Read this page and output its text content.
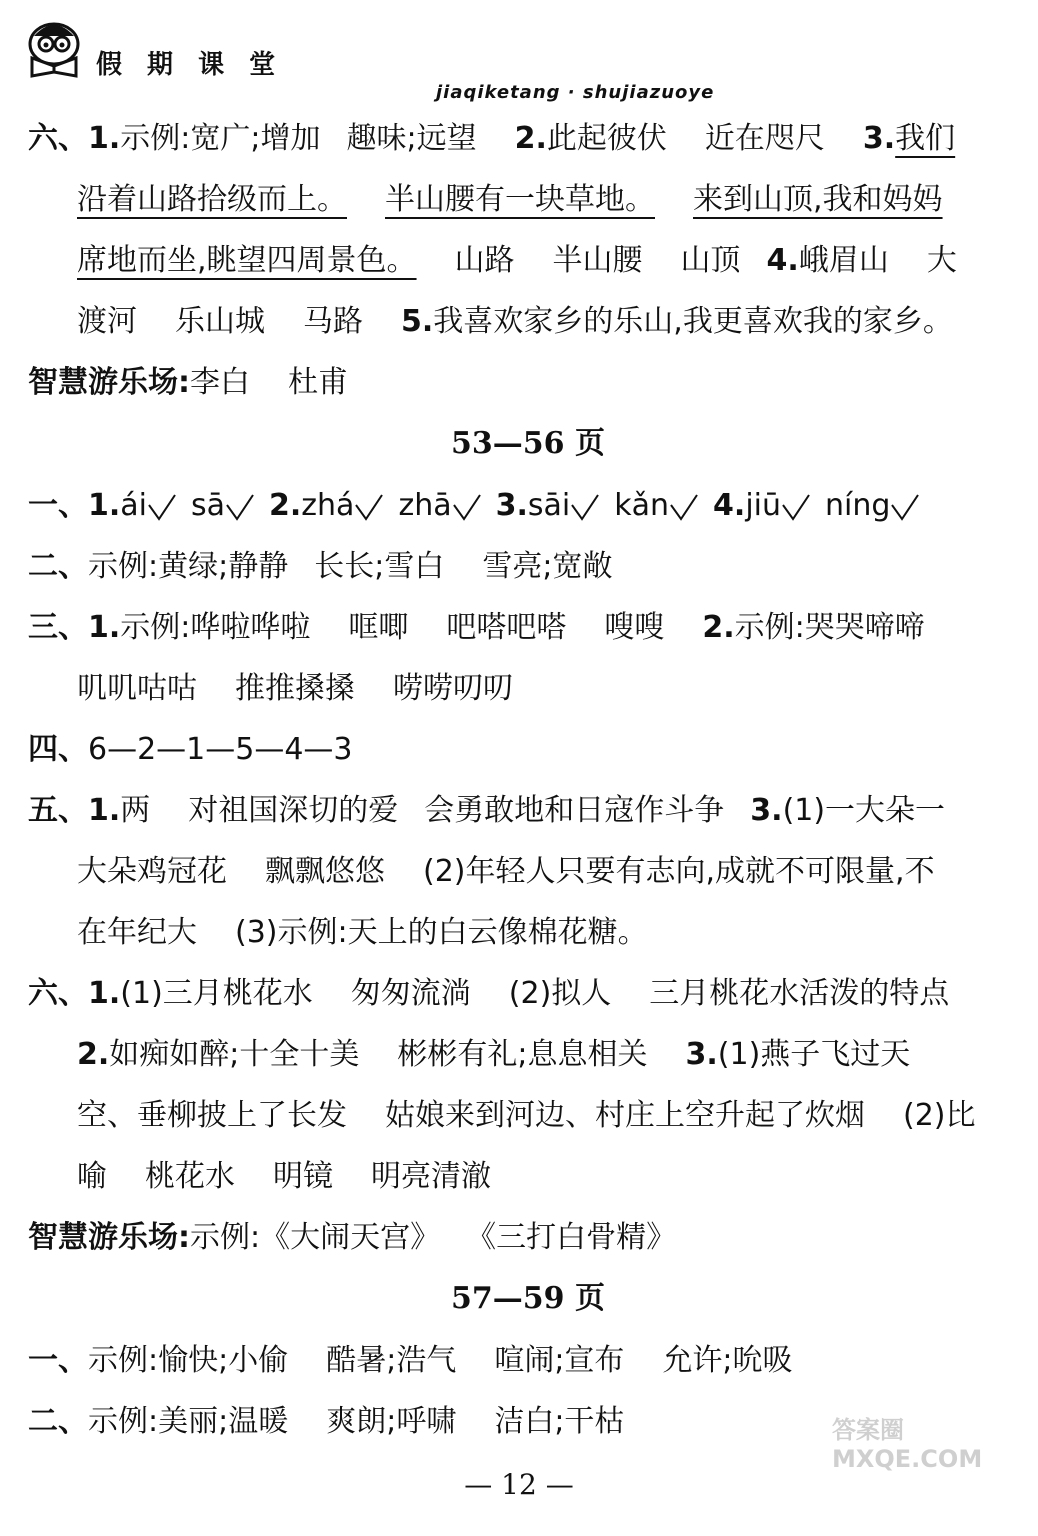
假 期 课 堂
jiaqiketang · shujiazuoye
六、1.示例:宽广;增加 趣味;远望 2.此起彼伏 近在咫尺 3.我们
沿着山路拾级而上。 半山腰有一块草地。 来到山顶,我和妈妈
席地而坐,眺望四周景色。 山路 半山腰 山顶 4.峨眉山 大
渡河 乐山城 马路 5.我喜欢家乡的乐山,我更喜欢我的家乡。
智慧游乐场:李白 杜甫
53—56 页
一、1.ái sā 2.zhá zhā 3.sāi kǎn 4.jiū níng
二、示例:黄绿;静静 长长;雪白 雪亮;宽敞
三、1.示例:哗啦哗啦 哐唧 吧嗒吧嗒 嗖嗖 2.示例:哭哭啼啼
叽叽咕咕 推推搡搡 唠唠叨叨
四、6—2—1—5—4—3
五、1.两 对祖国深切的爱 会勇敢地和日寇作斗争 3.(1)一大朵一
大朵鸡冠花 飘飘悠悠 (2)年轻人只要有志向,成就不可限量,不
在年纪大 (3)示例:天上的白云像棉花糖。
六、1.(1)三月桃花水 匆匆流淌 (2)拟人 三月桃花水活泼的特点
2.如痴如醉;十全十美 彬彬有礼;息息相关 3.(1)燕子飞过天
空、垂柳披上了长发 姑娘来到河边、村庄上空升起了炊烟 (2)比
喻 桃花水 明镜 明亮清澈
智慧游乐场:示例:《大闹天宫》 《三打白骨精》
57—59 页
一、示例:愉快;小偷 酷暑;浩气 喧闹;宣布 允许;吮吸
二、示例:美丽;温暖 爽朗;呼啸 洁白;干枯	答案圈
MXQE.COM
— 12 —
